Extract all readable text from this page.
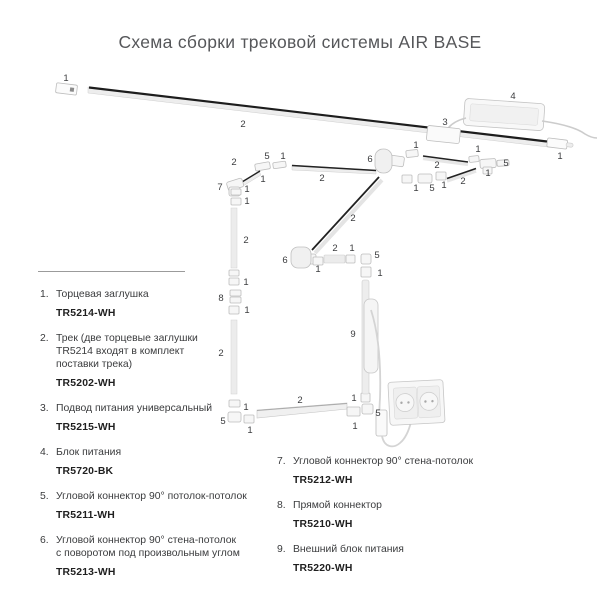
Схема сборки трековой системы AIR BASE
1
2	3
4
1
6
2
5 1
1
7
2
1
1
2
1
8
1
2
1
5
1
2	1
5
1
6
1
2 1
5
1
2
9
1
2
1
5
1
1 5 1 2
1. Торцевая заглушка
TR5214-WH
2. Трек (две торцевые заглушки
TR5214 входят в комплект
поставки трека)
TR5202-WH
3. Подвод питания универсальный
TR5215-WH
4. Блок питания
TR5720-BK
5. Угловой коннектор 90° потолок-потолок
TR5211-WH
6. Угловой коннектор 90° стена-потолок
с поворотом под произвольным углом
TR5213-WH
7. Угловой коннектор 90° стена-потолок
TR5212-WH
8. Прямой коннектор
TR5210-WH
9. Внешний блок питания
TR5220-WH
